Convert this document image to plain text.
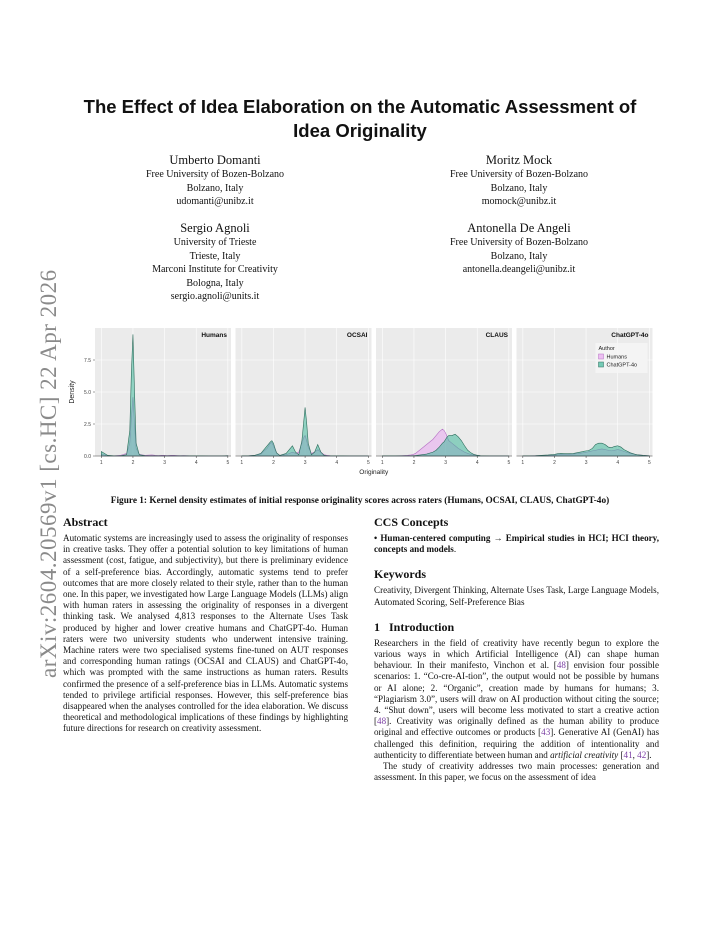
arXiv:2604.20569v1 [cs.HC] 22 Apr 2026
The Effect of Idea Elaboration on the Automatic Assessment of
Idea Originality
Umberto Domanti
Free University of Bozen-Bolzano
Bolzano, Italy
udomanti@unibz.it
Moritz Mock
Free University of Bozen-Bolzano
Bolzano, Italy
momock@unibz.it
Sergio Agnoli
University of Trieste
Trieste, Italy
Marconi Institute for Creativity
Bologna, Italy
sergio.agnoli@units.it
Antonella De Angeli
Free University of Bozen-Bolzano
Bolzano, Italy
antonella.deangeli@unibz.it
Density
0.0
2.5
5.0
7.5
Humans
1	2	3	4	5
OCSAI
1	2	3	4	5
CLAUS
1	2	3	4	5
ChatGPT-4o
1	2	3	4	5
Originality
Author
Humans
ChatGPT-4o
Figure 1: Kernel density estimates of initial response originality scores across raters (Humans, OCSAI, CLAUS, ChatGPT-4o)
Abstract

Automatic systems are increasingly used to assess the originality of responses in creative tasks. They offer a potential solution to key limitations of human assessment (cost, fatigue, and subjectivity), but there is preliminary evidence of a self-preference bias. Accordingly, automatic systems tend to prefer outcomes that are more closely related to their style, rather than to the human one. In this paper, we investigated how Large Language Models (LLMs) align with human raters in assessing the originality of responses in a divergent thinking task. We analysed 4,813 responses to the Alternate Uses Task produced by higher and lower creative humans and ChatGPT-4o. Human raters were two university students who underwent intensive training. Machine raters were two specialised systems fine-tuned on AUT responses and corresponding human ratings (OCSAI and CLAUS) and ChatGPT-4o, which was prompted with the same instructions as human raters. Results confirmed the presence of a self-preference bias in LLMs. Automatic systems tended to privilege artificial responses. However, this self-preference bias disappeared when the analyses controlled for the idea elaboration. We discuss theoretical and methodological implications of these findings by highlighting future directions for research on creativity assessment.

CCS Concepts

• Human-centered computing → Empirical studies in HCI; HCI theory, concepts and models.

Keywords

Creativity, Divergent Thinking, Alternate Uses Task, Large Language Models, Automated Scoring, Self-Preference Bias

1 Introduction

Researchers in the field of creativity have recently begun to explore the various ways in which Artificial Intelligence (AI) can shape human behaviour. In their manifesto, Vinchon et al. [48] envision four possible scenarios: 1. “Co-cre-AI-tion”, the output would not be possible by humans or AI alone; 2. “Organic”, creation made by humans for humans; 3. “Plagiarism 3.0”, users will draw on AI production without citing the source; 4. “Shut down”, users will become less motivated to start a creative action [48]. Creativity was originally defined as the human ability to produce original and effective outcomes or products [43]. Generative AI (GenAI) has challenged this definition, requiring the addition of intentionality and authenticity to differentiate between human and artificial creativity [41, 42].

The study of creativity addresses two main processes: generation and assessment. In this paper, we focus on the assessment of idea
